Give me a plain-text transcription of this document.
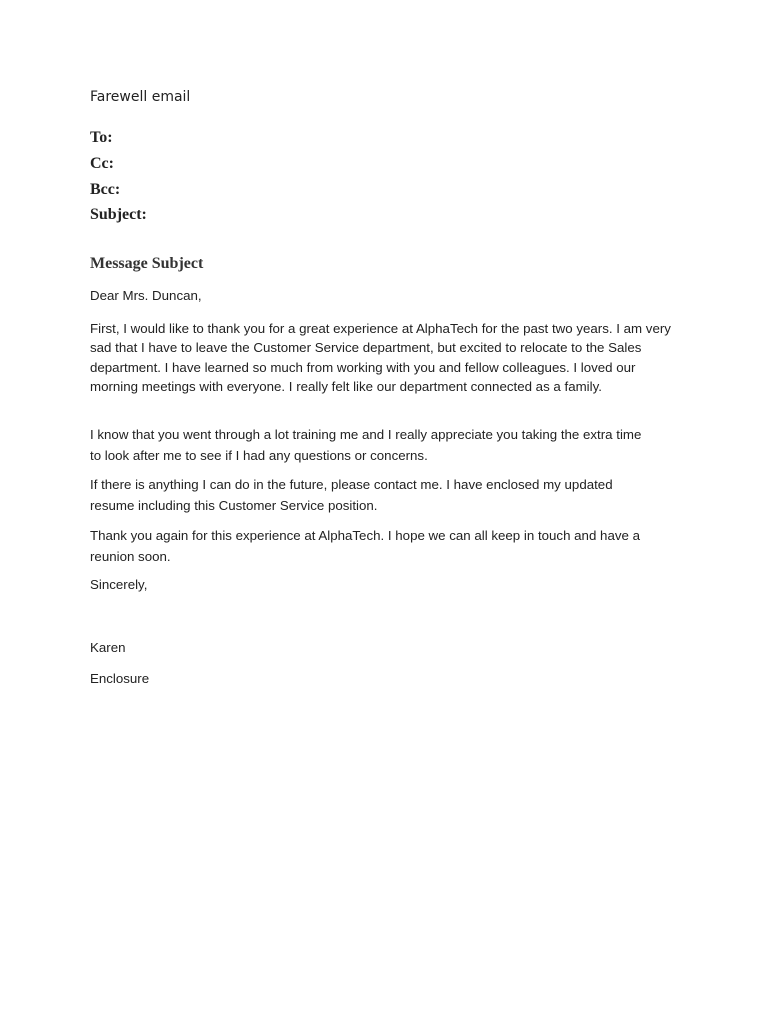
Farewell email
To:
Cc:
Bcc:
Subject:
Message Subject

Dear Mrs. Duncan,

First, I would like to thank you for a great experience at AlphaTech for the past two years. I am very sad that I have to leave the Customer Service department, but excited to relocate to the Sales department. I have learned so much from working with you and fellow colleagues. I loved our morning meetings with everyone. I really felt like our department connected as a family.

I know that you went through a lot training me and I really appreciate you taking the extra time to look after me to see if I had any questions or concerns.

If there is anything I can do in the future, please contact me. I have enclosed my updated resume including this Customer Service position.

Thank you again for this experience at AlphaTech. I hope we can all keep in touch and have a reunion soon.

Sincerely,

Karen

Enclosure
